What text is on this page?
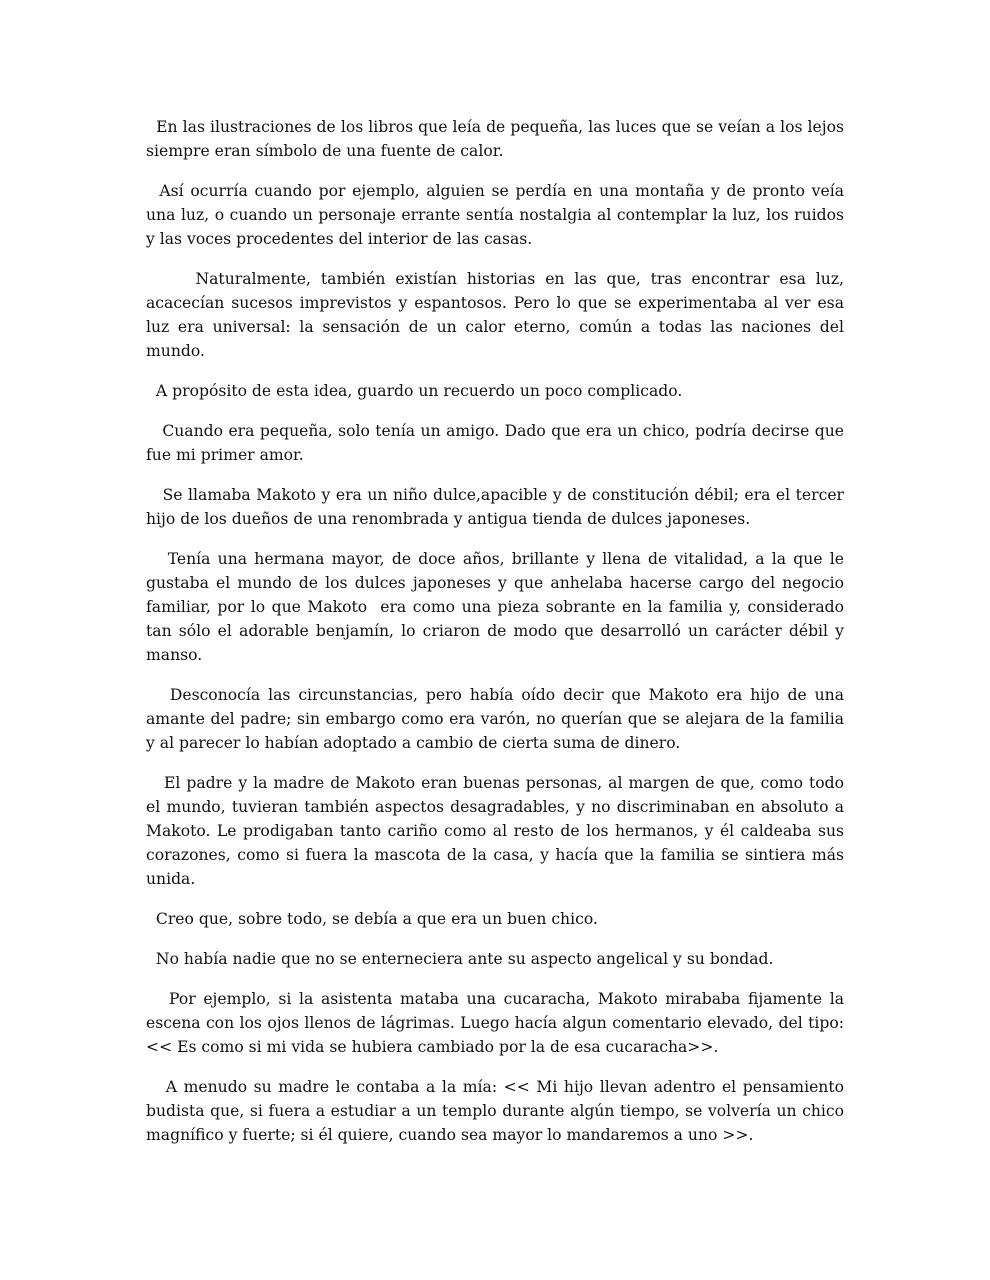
En las ilustraciones de los libros que leía de pequeña, las luces que se veían a los lejos siempre eran símbolo de una fuente de calor.

Así ocurría cuando por ejemplo, alguien se perdía en una montaña y de pronto veía una luz, o cuando un personaje errante sentía nostalgia al contemplar la luz, los ruidos y las voces procedentes del interior de las casas.

Naturalmente, también existían historias en las que, tras encontrar esa luz, acacecían sucesos imprevistos y espantosos. Pero lo que se experimentaba al ver esa luz era universal: la sensación de un calor eterno, común a todas las naciones del mundo.

A propósito de esta idea, guardo un recuerdo un poco complicado.

Cuando era pequeña, solo tenía un amigo. Dado que era un chico, podría decirse que fue mi primer amor.

Se llamaba Makoto y era un niño dulce,apacible y de constitución débil; era el tercer hijo de los dueños de una renombrada y antigua tienda de dulces japoneses.

Tenía una hermana mayor, de doce años, brillante y llena de vitalidad, a la que le gustaba el mundo de los dulces japoneses y que anhelaba hacerse cargo del negocio familiar, por lo que Makoto  era como una pieza sobrante en la familia y, considerado tan sólo el adorable benjamín, lo criaron de modo que desarrolló un carácter débil y manso.

Desconocía las circunstancias, pero había oído decir que Makoto era hijo de una amante del padre; sin embargo como era varón, no querían que se alejara de la familia y al parecer lo habían adoptado a cambio de cierta suma de dinero.

El padre y la madre de Makoto eran buenas personas, al margen de que, como todo el mundo, tuvieran también aspectos desagradables, y no discriminaban en absoluto a Makoto. Le prodigaban tanto cariño como al resto de los hermanos, y él caldeaba sus corazones, como si fuera la mascota de la casa, y hacía que la familia se sintiera más unida.

Creo que, sobre todo, se debía a que era un buen chico.

No había nadie que no se enterneciera ante su aspecto angelical y su bondad.

Por ejemplo, si la asistenta mataba una cucaracha, Makoto mirababa fijamente la escena con los ojos llenos de lágrimas. Luego hacía algun comentario elevado, del tipo: << Es como si mi vida se hubiera cambiado por la de esa cucaracha>>.

A menudo su madre le contaba a la mía: << Mi hijo llevan adentro el pensamiento budista que, si fuera a estudiar a un templo durante algún tiempo, se volvería un chico magnífico y fuerte; si él quiere, cuando sea mayor lo mandaremos a uno >>.
